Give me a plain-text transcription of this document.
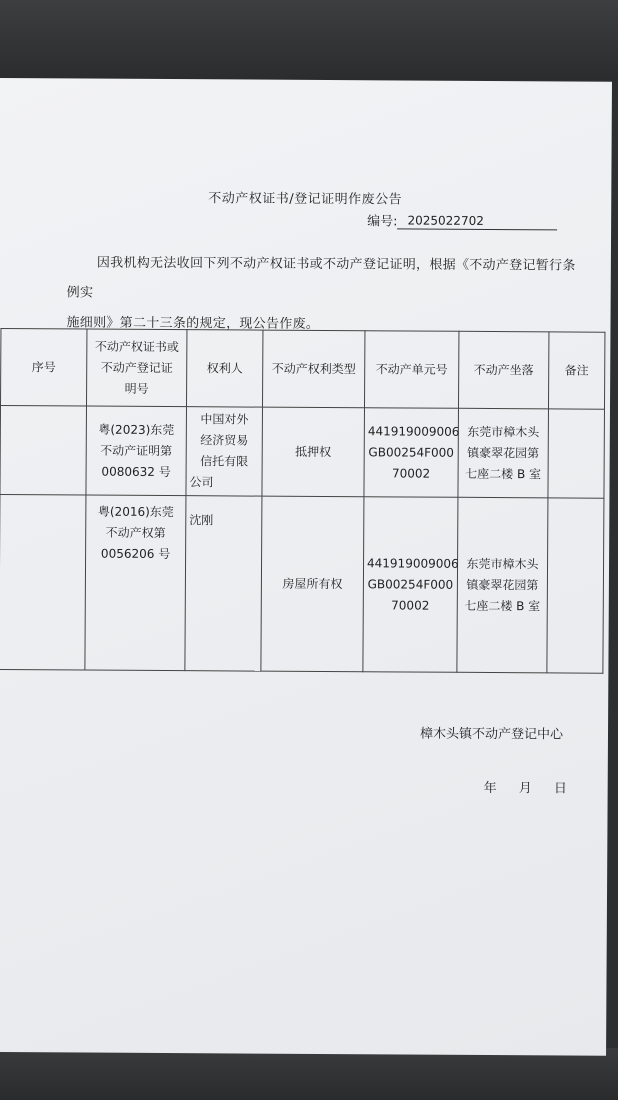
不动产权证书/登记证明作废公告
编号: 2025022702
因我机构无法收回下列不动产权证书或不动产登记证明，根据《不动产登记暂行条例实
施细则》第二十三条的规定，现公告作废。
序号	不动产权证书或
不动产登记证
明号	权利人	不动产权利类型	不动产单元号	不动产坐落	备注

	粤(2023)东莞
不动产证明第
0080632 号	中国对外
经济贸易
信托有限
公司	抵押权	441919009006
GB00254F000
70002	东莞市樟木头
镇豪翠花园第
七座二楼 B 室	

	粤(2016)东莞
不动产权第
0056206 号	沈刚	房屋所有权	441919009006
GB00254F000
70002	东莞市樟木头
镇豪翠花园第
七座二楼 B 室	

樟木头镇不动产登记中心
年 月 日
